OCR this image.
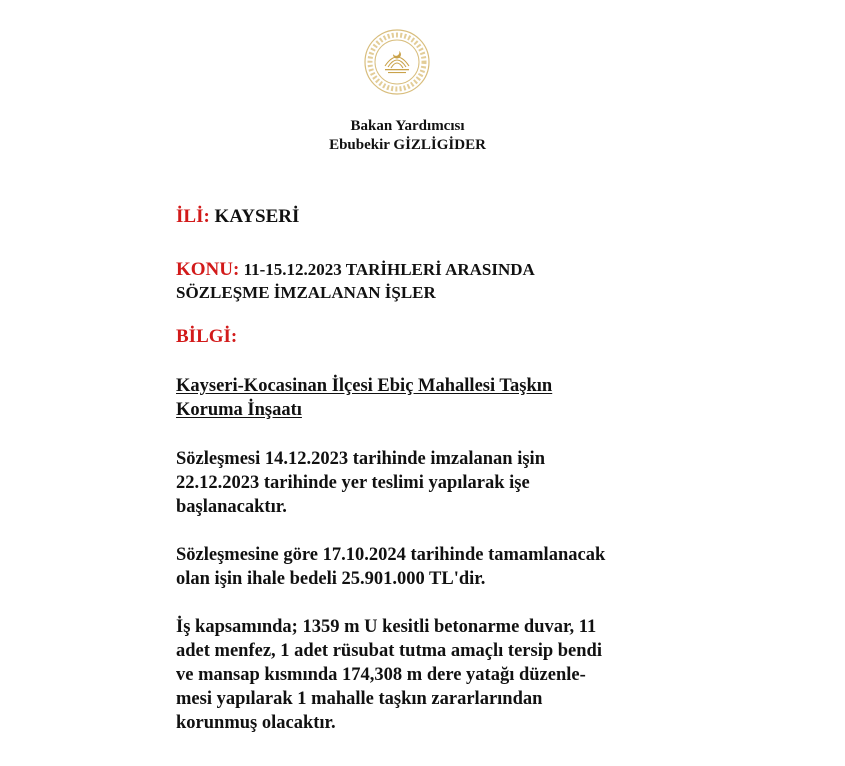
Bakan Yardımcısı
Ebubekir GİZLİGİDER
İLİ: KAYSERİ
KONU: 11-15.12.2023 TARİHLERİ ARASINDA
SÖZLEŞME İMZALANAN İŞLER
BİLGİ:
Kayseri-Kocasinan İlçesi Ebiç Mahallesi Taşkın
Koruma İnşaatı
Sözleşmesi 14.12.2023 tarihinde imzalanan işin
22.12.2023 tarihinde yer teslimi yapılarak işe
başlanacaktır.
Sözleşmesine göre 17.10.2024 tarihinde tamamlanacak
olan işin ihale bedeli 25.901.000 TL'dir.
İş kapsamında; 1359 m U kesitli betonarme duvar, 11
adet menfez, 1 adet rüsubat tutma amaçlı tersip bendi
ve mansap kısmında 174,308 m dere yatağı düzenle-
mesi yapılarak 1 mahalle taşkın zararlarından
korunmuş olacaktır.
